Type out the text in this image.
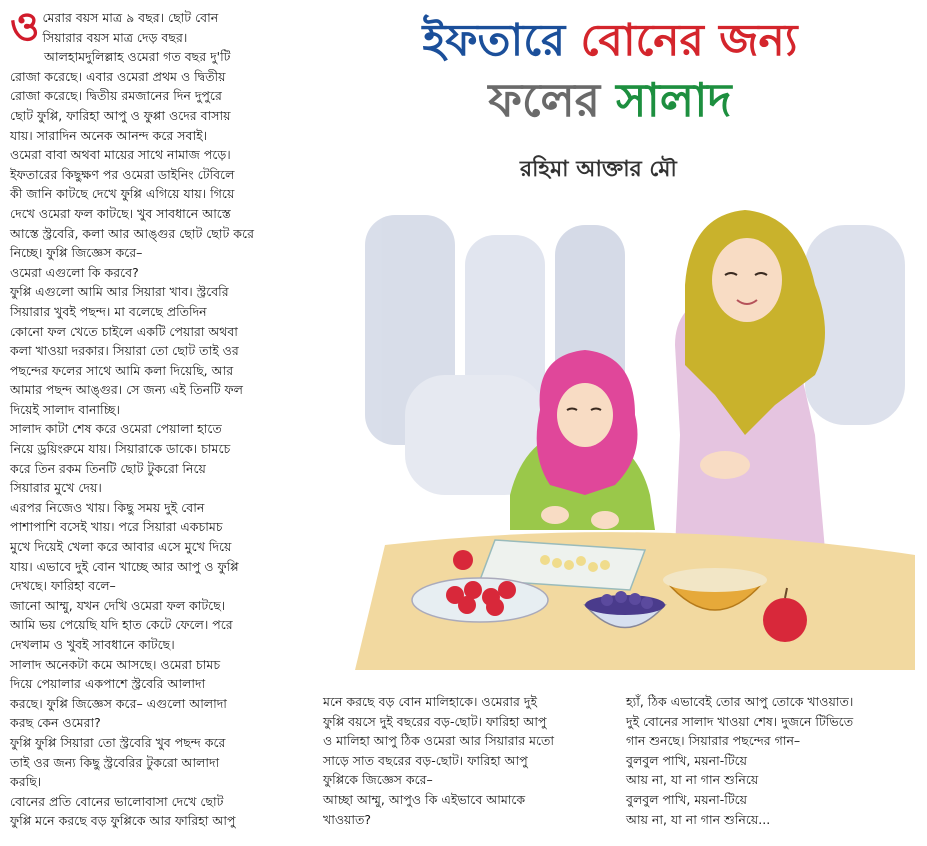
ও মেরার বয়স মাত্র ৯ বছর। ছোট বোন

সিয়ারার বয়স মাত্র দেড় বছর।

আলহামদুলিল্লাহ ওমেরা গত বছর দু'টি

রোজা করেছে। এবার ওমেরা প্রথম ও দ্বিতীয়

রোজা করেছে। দ্বিতীয় রমজানের দিন দুপুরে

ছোট ফুপ্পি, ফারিহা আপু ও ফুপ্পা ওদের বাসায়

যায়। সারাদিন অনেক আনন্দ করে সবাই।

ওমেরা বাবা অথবা মায়ের সাথে নামাজ পড়ে।

ইফতারের কিছুক্ষণ পর ওমেরা ডাইনিং টেবিলে

কী জানি কাটছে দেখে ফুপ্পি এগিয়ে যায়। গিয়ে

দেখে ওমেরা ফল কাটছে। খুব সাবধানে আস্তে

আস্তে স্ট্রবেরি, কলা আর আঙ্গুর ছোট ছোট করে

নিচ্ছে। ফুপ্পি জিজ্ঞেস করে–

ওমেরা এগুলো কি করবে?

ফুপ্পি এগুলো আমি আর সিয়ারা খাব। স্ট্রবেরি

সিয়ারার খুবই পছন্দ। মা বলেছে প্রতিদিন

কোনো ফল খেতে চাইলে একটি পেয়ারা অথবা

কলা খাওয়া দরকার। সিয়ারা তো ছোট তাই ওর

পছন্দের ফলের সাথে আমি কলা দিয়েছি, আর

আমার পছন্দ আঙ্গুর। সে জন্য এই তিনটি ফল

দিয়েই সালাদ বানাচ্ছি।

সালাদ কাটা শেষ করে ওমেরা পেয়ালা হাতে

নিয়ে ড্রয়িংরুমে যায়। সিয়ারাকে ডাকে। চামচে

করে তিন রকম তিনটি ছোট টুকরো নিয়ে

সিয়ারার মুখে দেয়।

এরপর নিজেও খায়। কিছু সময় দুই বোন

পাশাপাশি বসেই খায়। পরে সিয়ারা একচামচ

মুখে দিয়েই খেলা করে আবার এসে মুখে দিয়ে

যায়। এভাবে দুই বোন খাচ্ছে আর আপু ও ফুপ্পি

দেখছে। ফারিহা বলে–

জানো আম্মু, যখন দেখি ওমেরা ফল কাটছে।

আমি ভয় পেয়েছি যদি হাত কেটে ফেলে। পরে

দেখলাম ও খুবই সাবধানে কাটছে।

সালাদ অনেকটা কমে আসছে। ওমেরা চামচ

দিয়ে পেয়ালার একপাশে স্ট্রবেরি আলাদা

করছে। ফুপ্পি জিজ্ঞেস করে– এগুলো আলাদা

করছ কেন ওমেরা?

ফুপ্পি ফুপ্পি সিয়ারা তো স্ট্রবেরি খুব পছন্দ করে

তাই ওর জন্য কিছু স্ট্রবেরির টুকরো আলাদা

করছি।

বোনের প্রতি বোনের ভালোবাসা দেখে ছোট

ফুপ্পি মনে করছে বড় ফুপ্পিকে আর ফারিহা আপু

ইফতারে বোনের জন্য
ফলের সালাদ
রহিমা আক্তার মৌ

মনে করছে বড় বোন মালিহাকে। ওমেরার দুই

ফুপ্পি বয়সে দুই বছরের বড়-ছোট। ফারিহা আপু

ও মালিহা আপু ঠিক ওমেরা আর সিয়ারার মতো

সাড়ে সাত বছরের বড়-ছোট। ফারিহা আপু

ফুপ্পিকে জিজ্ঞেস করে–

আচ্ছা আম্মু, আপুও কি এইভাবে আমাকে

খাওয়াত?

হ্যাঁ, ঠিক এভাবেই তোর আপু তোকে খাওয়াত।

দুই বোনের সালাদ খাওয়া শেষ। দুজনে টিভিতে

গান শুনছে। সিয়ারার পছন্দের গান–

বুলবুল পাখি, ময়না-টিয়ে

আয় না, যা না গান শুনিয়ে

বুলবুল পাখি, ময়না-টিয়ে

আয় না, যা না গান শুনিয়ে...
